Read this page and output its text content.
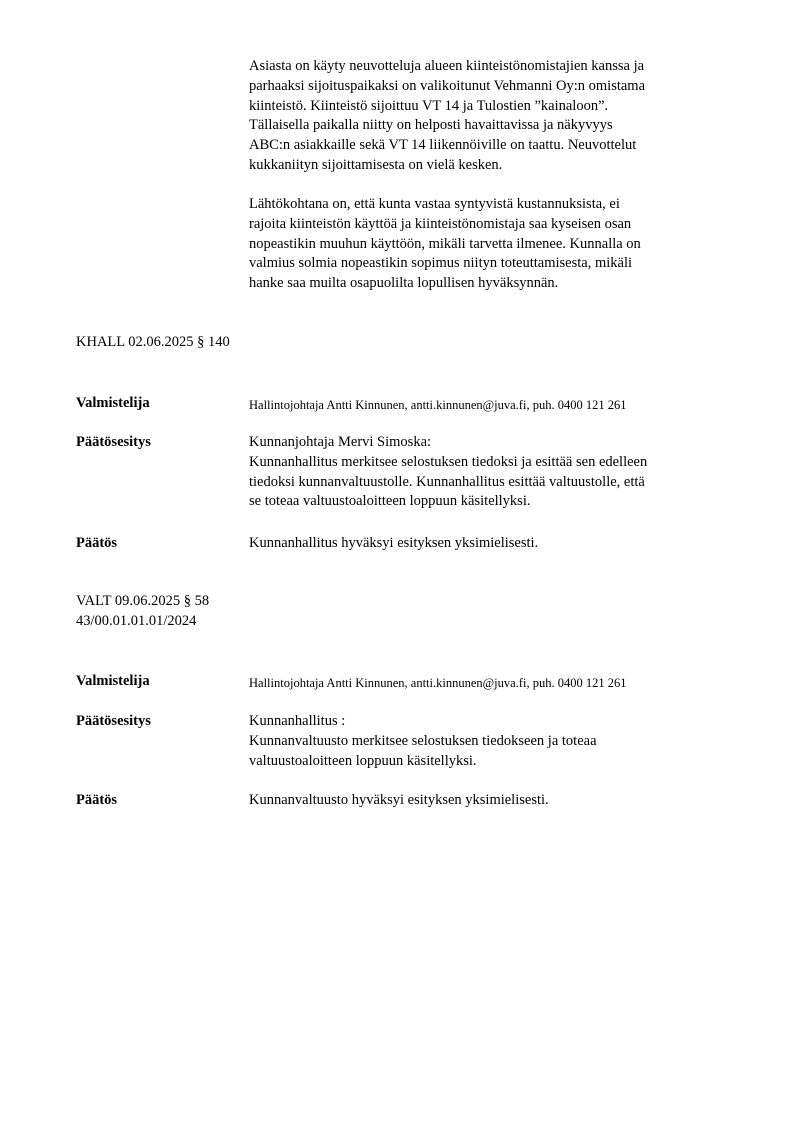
Asiasta on käyty neuvotteluja alueen kiinteistönomistajien kanssa ja
parhaaksi sijoituspaikaksi on valikoitunut Vehmanni Oy:n omistama
kiinteistö. Kiinteistö sijoittuu VT 14 ja Tulostien ”kainaloon”.
Tällaisella paikalla niitty on helposti havaittavissa ja näkyvyys
ABC:n asiakkaille sekä VT 14 liikennöiville on taattu. Neuvottelut
kukkaniityn sijoittamisesta on vielä kesken.
Lähtökohtana on, että kunta vastaa syntyvistä kustannuksista, ei
rajoita kiinteistön käyttöä ja kiinteistönomistaja saa kyseisen osan
nopeastikin muuhun käyttöön, mikäli tarvetta ilmenee. Kunnalla on
valmius solmia nopeastikin sopimus niityn toteuttamisesta, mikäli
hanke saa muilta osapuolilta lopullisen hyväksynnän.
KHALL 02.06.2025 § 140
Valmistelija	Hallintojohtaja Antti Kinnunen, antti.kinnunen@juva.fi, puh. 0400 121 261
Päätösesitys	Kunnanjohtaja Mervi Simoska:
Kunnanhallitus merkitsee selostuksen tiedoksi ja esittää sen edelleen
tiedoksi kunnanvaltuustolle. Kunnanhallitus esittää valtuustolle, että
se toteaa valtuustoaloitteen loppuun käsitellyksi.
Päätös	Kunnanhallitus hyväksyi esityksen yksimielisesti.
VALT 09.06.2025 § 58
43/00.01.01.01/2024
Valmistelija	Hallintojohtaja Antti Kinnunen, antti.kinnunen@juva.fi, puh. 0400 121 261
Päätösesitys	Kunnanhallitus :
Kunnanvaltuusto merkitsee selostuksen tiedokseen ja toteaa
valtuustoaloitteen loppuun käsitellyksi.
Päätös	Kunnanvaltuusto hyväksyi esityksen yksimielisesti.
